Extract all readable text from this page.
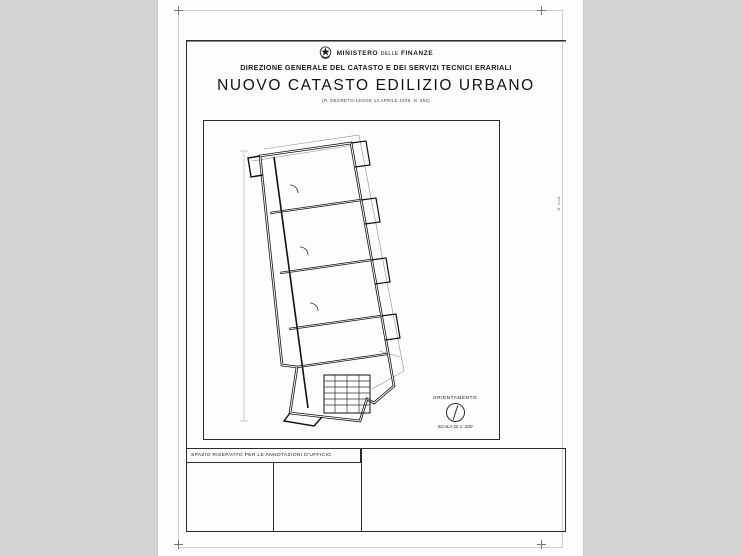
MINISTERO DELLE FINANZE
DIREZIONE GENERALE DEL CATASTO E DEI SERVIZI TECNICI ERARIALI
NUOVO CATASTO EDILIZIO URBANO
(R. DECRETO-LEGGE 13 APRILE 1939, N. 652)
ORIENTAMENTO
SCALA DI 1: 200
SPAZIO RISERVATO PER LE ANNOTAZIONI D'UFFICIO
N. mod.
